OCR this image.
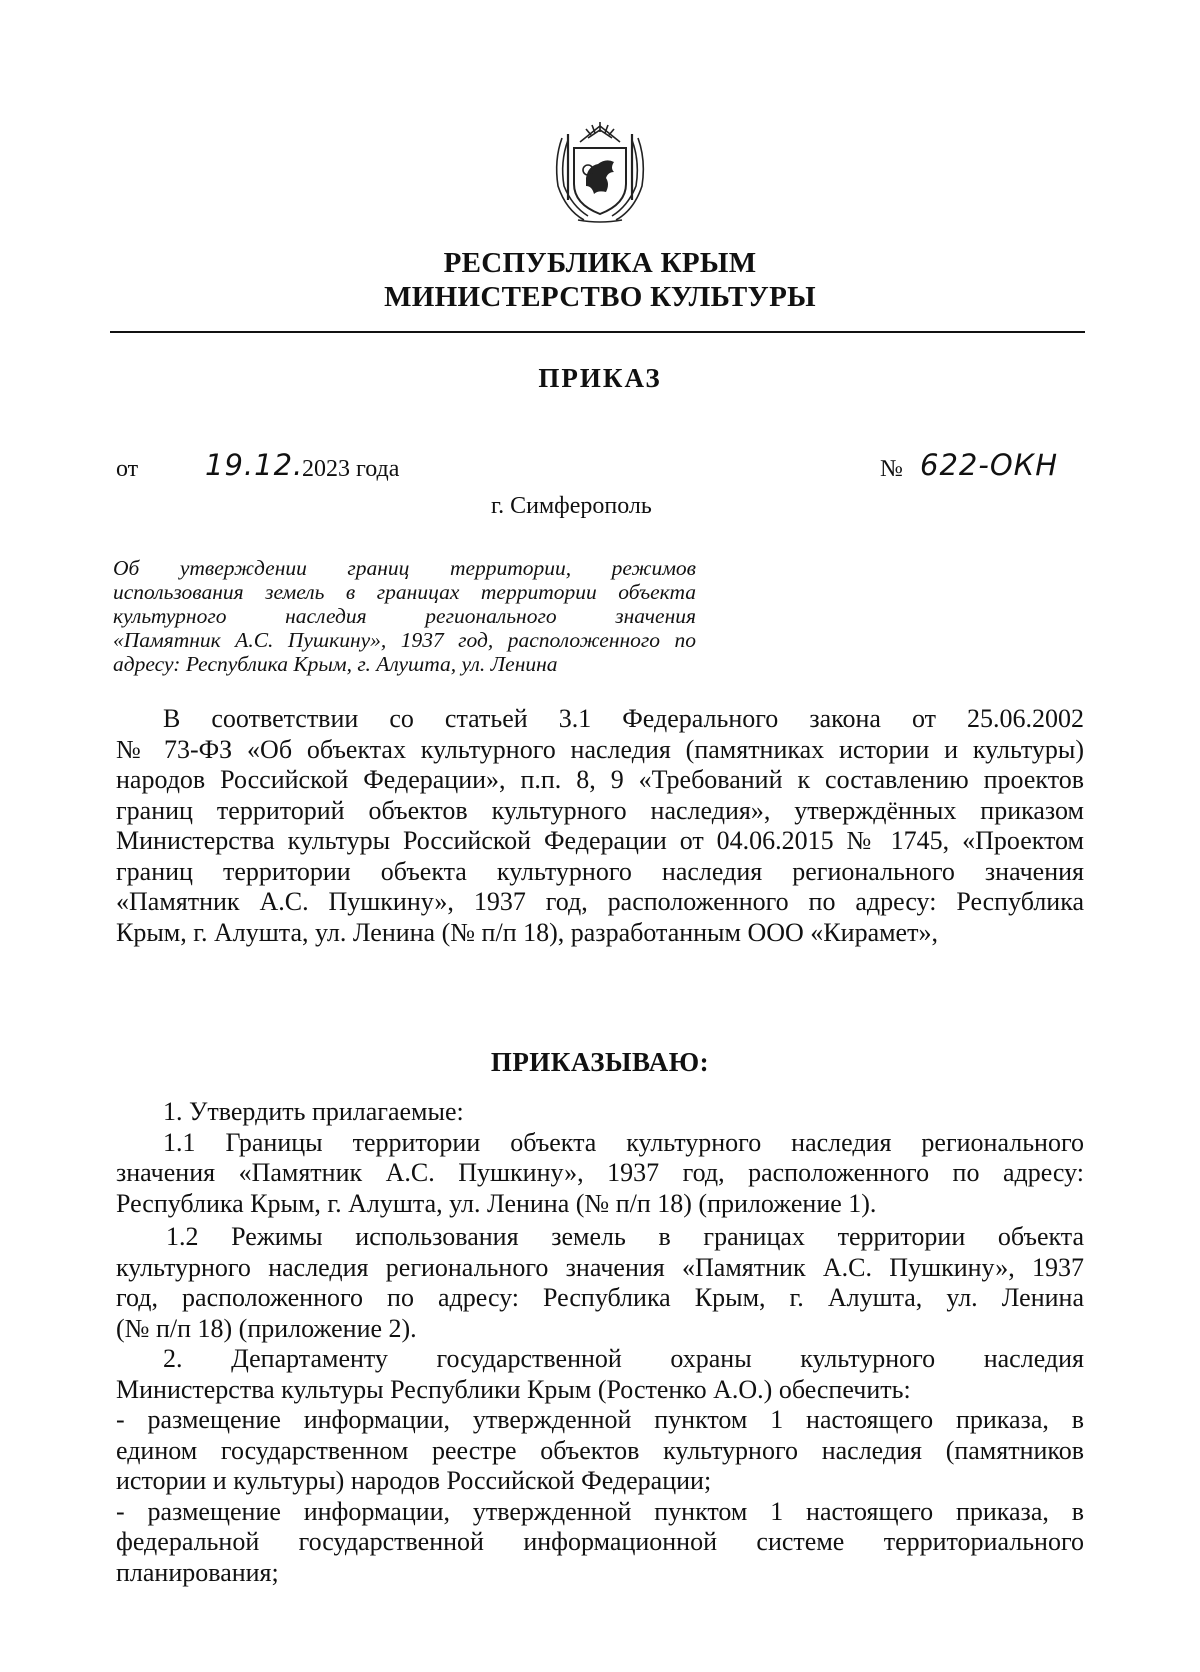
РЕСПУБЛИКА КРЫМ
МИНИСТЕРСТВО КУЛЬТУРЫ
ПРИКАЗ
от 19.12.
2023 года	№ 622-ОКН
г. Симферополь
Об утверждении границ территории, режимов
использования земель в границах территории объекта
культурного наследия регионального значения
«Памятник А.С. Пушкину», 1937 год, расположенного по
адресу: Республика Крым, г. Алушта, ул. Ленина
В соответствии со статьей 3.1 Федерального закона от 25.06.2002
№ 73-ФЗ «Об объектах культурного наследия (памятниках истории и культуры)
народов Российской Федерации», п.п. 8, 9 «Требований к составлению проектов
границ территорий объектов культурного наследия», утверждённых приказом
Министерства культуры Российской Федерации от 04.06.2015 № 1745, «Проектом
границ территории объекта культурного наследия регионального значения
«Памятник А.С. Пушкину», 1937 год, расположенного по адресу: Республика
Крым, г. Алушта, ул. Ленина (№ п/п 18), разработанным ООО «Кирамет»,
ПРИКАЗЫВАЮ:
1. Утвердить прилагаемые:
1.1 Границы территории объекта культурного наследия регионального
значения «Памятник А.С. Пушкину», 1937 год, расположенного по адресу:
Республика Крым, г. Алушта, ул. Ленина (№ п/п 18) (приложение 1).
1.2 Режимы использования земель в границах территории объекта
культурного наследия регионального значения «Памятник А.С. Пушкину», 1937
год, расположенного по адресу: Республика Крым, г. Алушта, ул. Ленина
(№ п/п 18) (приложение 2).
2. Департаменту государственной охраны культурного наследия
Министерства культуры Республики Крым (Ростенко А.О.) обеспечить:
- размещение информации, утвержденной пунктом 1 настоящего приказа, в
едином государственном реестре объектов культурного наследия (памятников
истории и культуры) народов Российской Федерации;
- размещение информации, утвержденной пунктом 1 настоящего приказа, в
федеральной государственной информационной системе территориального
планирования;
